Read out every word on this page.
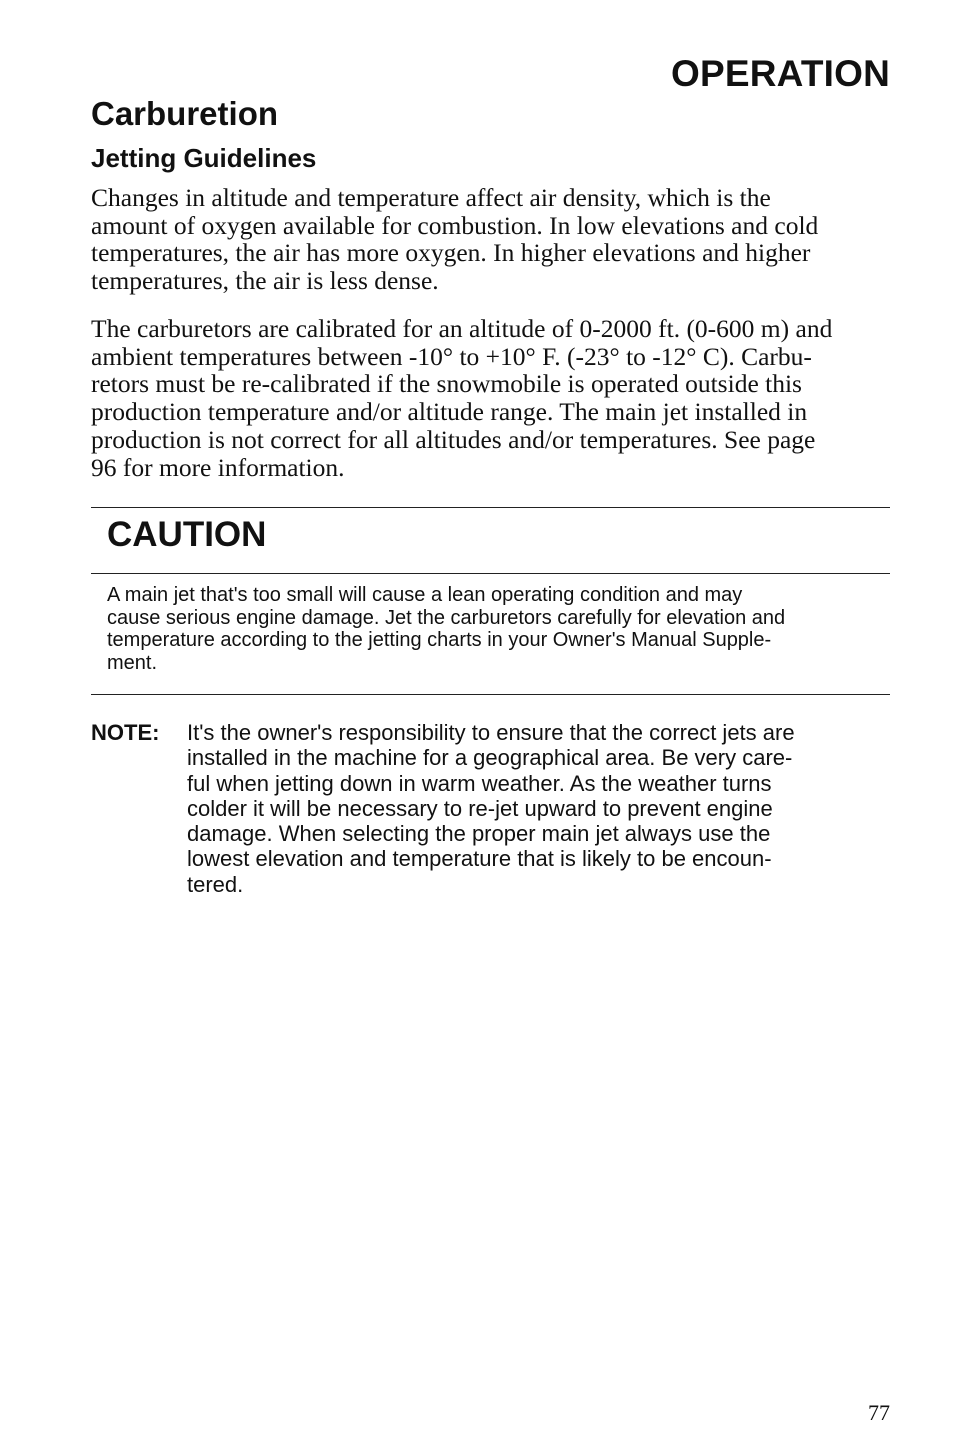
OPERATION
Carburetion
Jetting Guidelines

Changes in altitude and temperature affect air density, which is the
amount of oxygen available for combustion. In low elevations and cold
temperatures, the air has more oxygen. In higher elevations and higher
temperatures, the air is less dense.

The carburetors are calibrated for an altitude of 0-2000 ft. (0-600 m) and
ambient temperatures between -10° to +10° F. (-23° to -12° C). Carbu-
retors must be re-calibrated if the snowmobile is operated outside this
production temperature and/or altitude range. The main jet installed in
production is not correct for all altitudes and/or temperatures. See page
96 for more information.

CAUTION

A main jet that's too small will cause a lean operating condition and may
cause serious engine damage. Jet the carburetors carefully for elevation and
temperature according to the jetting charts in your Owner's Manual Supple-
ment.

NOTE: It's the owner's responsibility to ensure that the correct jets are
installed in the machine for a geographical area. Be very care-
ful when jetting down in warm weather. As the weather turns
colder it will be necessary to re-jet upward to prevent engine
damage. When selecting the proper main jet always use the
lowest elevation and temperature that is likely to be encoun-
tered.

77
